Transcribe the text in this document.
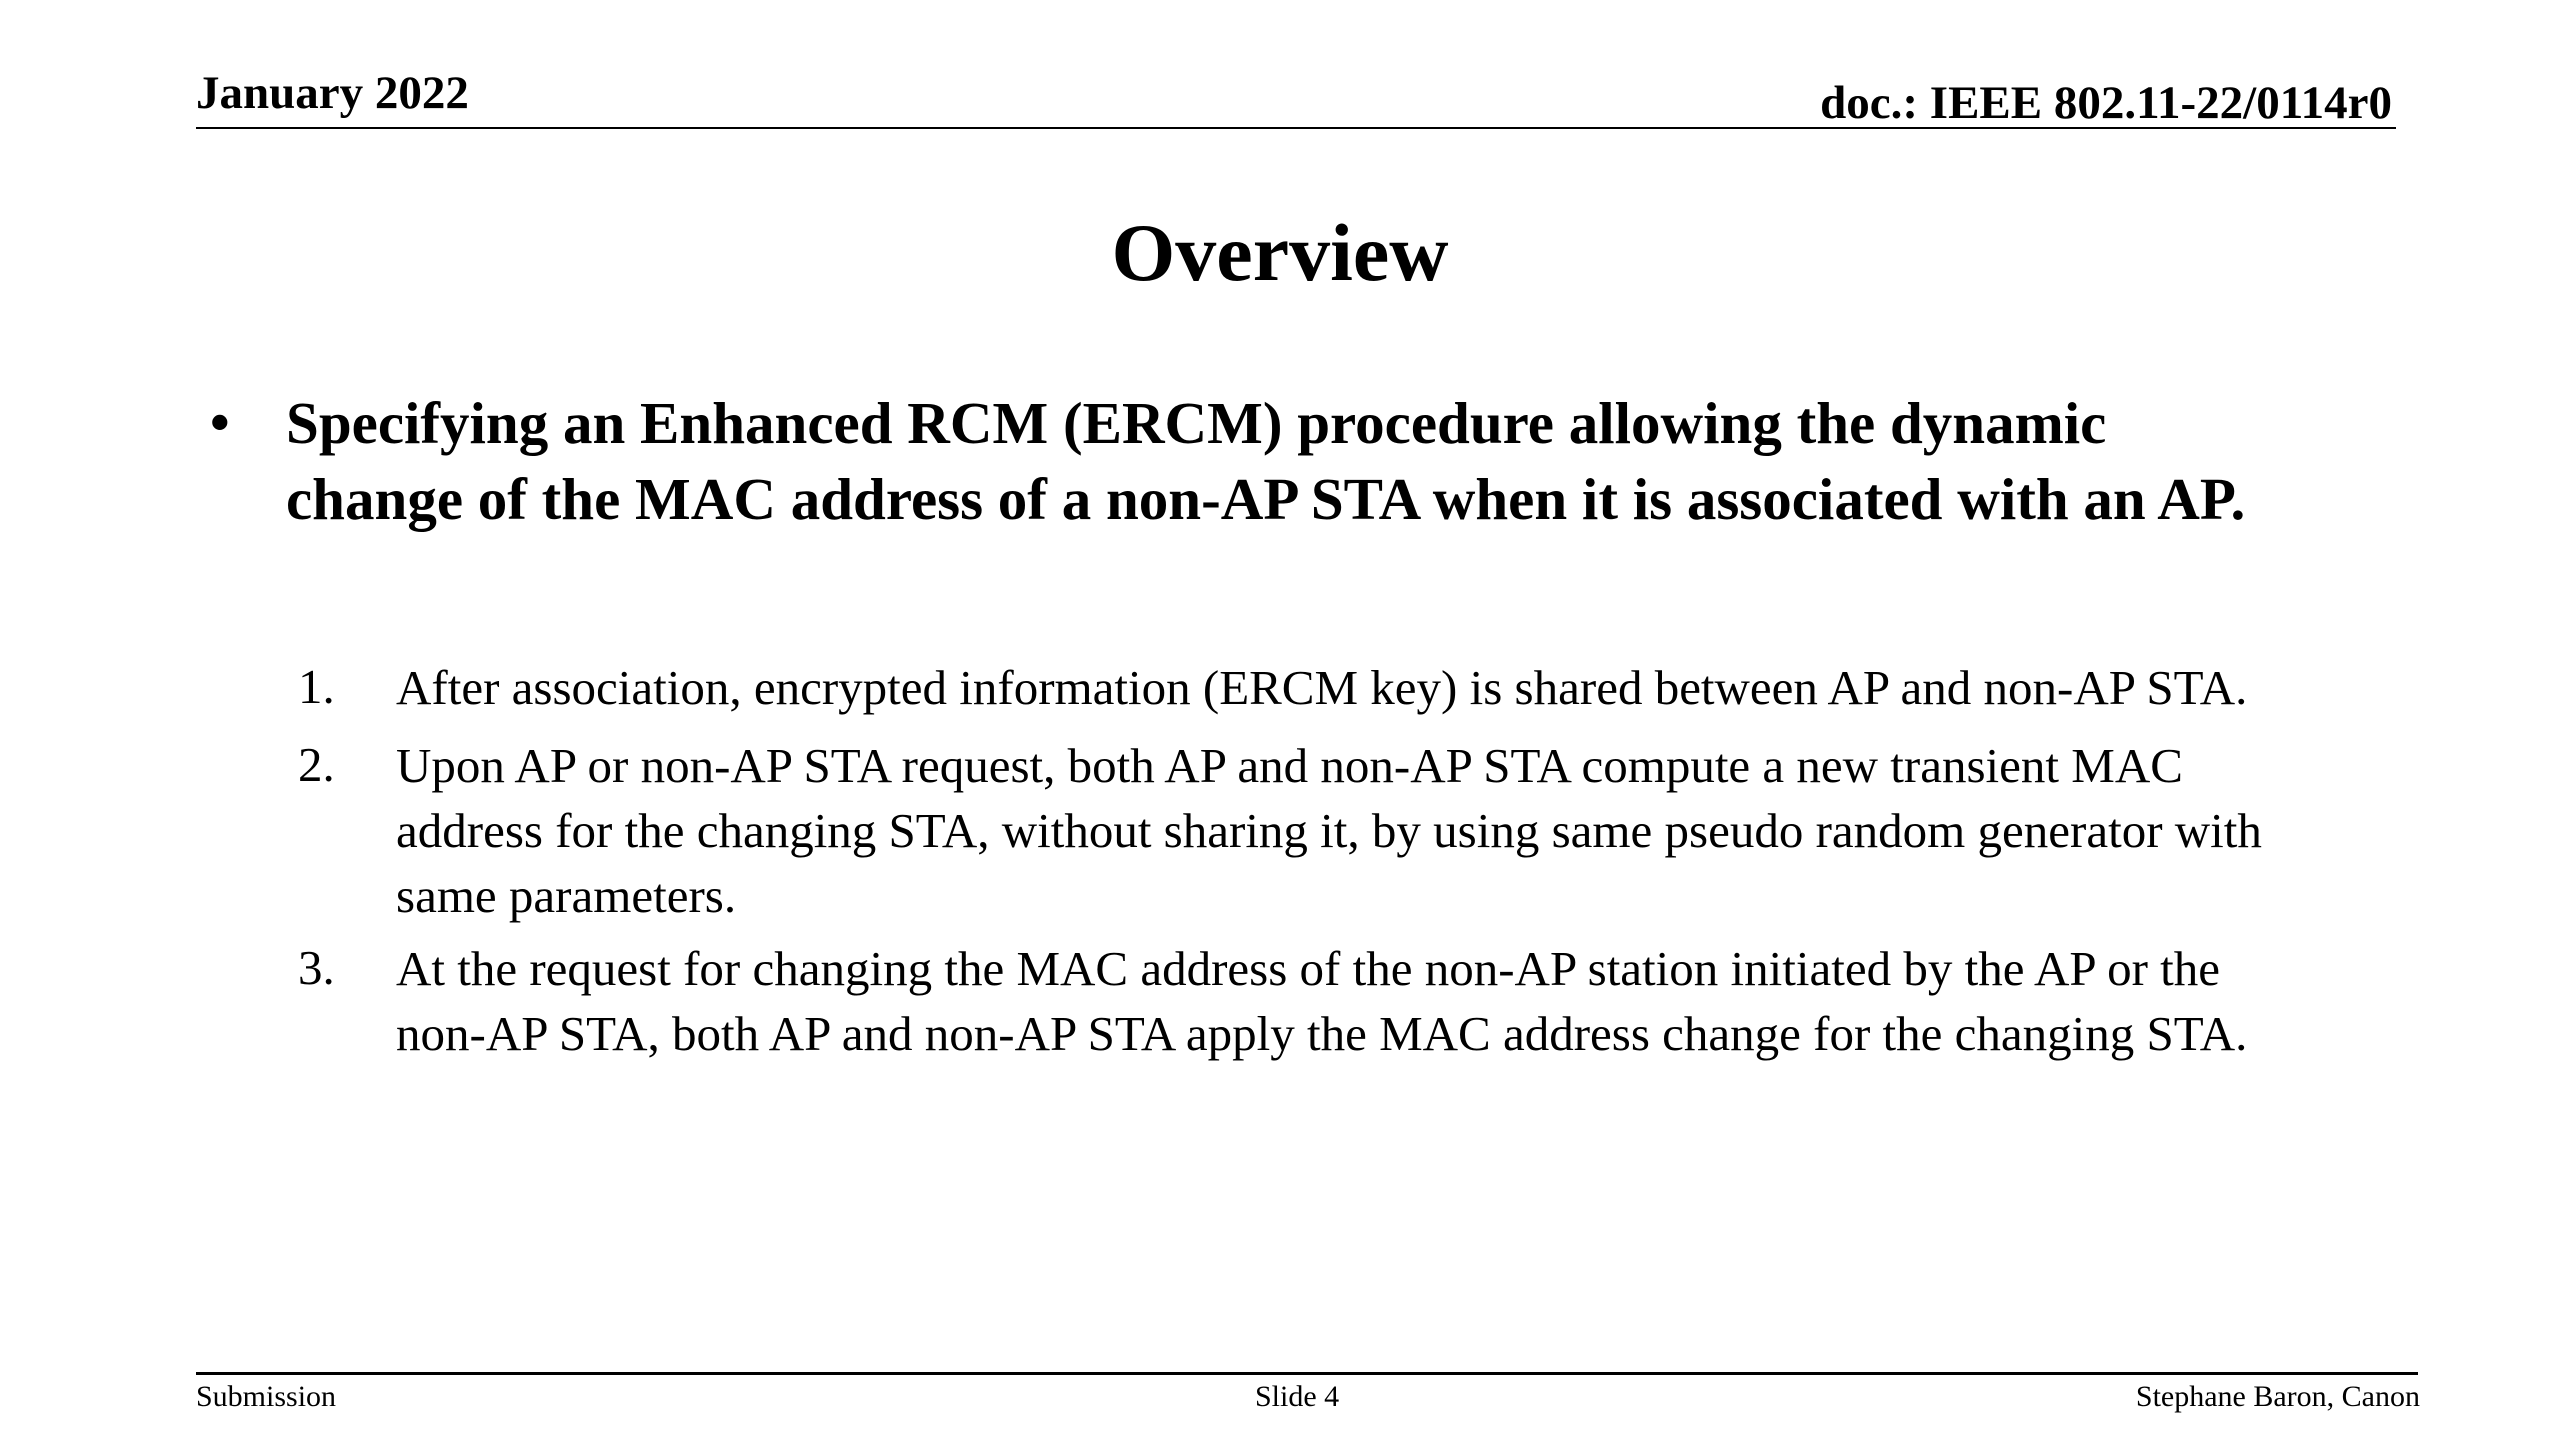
January 2022	doc.: IEEE 802.11-22/0114r0
Overview
• Specifying an Enhanced RCM (ERCM) procedure allowing the dynamic
change of the MAC address of a non-AP STA when it is associated with an AP.
1. After association, encrypted information (ERCM key) is shared between AP and non-AP STA.
2. Upon AP or non-AP STA request, both AP and non-AP STA compute a new transient MAC
address for the changing STA, without sharing it, by using same pseudo random generator with
same parameters.
3. At the request for changing the MAC address of the non-AP station initiated by the AP or the
non-AP STA, both AP and non-AP STA apply the MAC address change for the changing STA.
Submission	Slide 4	Stephane Baron, Canon
